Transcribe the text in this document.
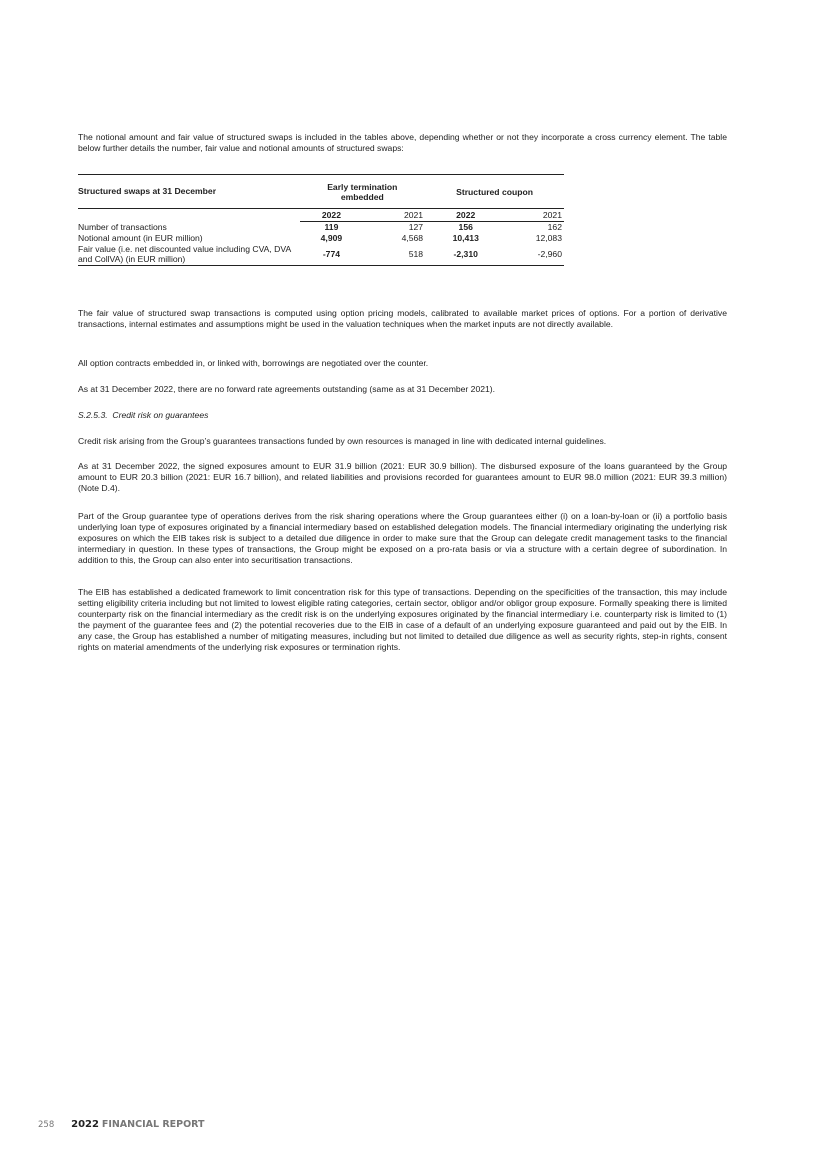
The notional amount and fair value of structured swaps is included in the tables above, depending whether or not they incorporate a cross currency element. The table below further details the number, fair value and notional amounts of structured swaps:

Structured swaps at 31 December	Early termination embedded		Structured coupon	
	2022	2021	2022	2021
Number of transactions	119	127	156	162
Notional amount (in EUR million)	4,909	4,568	10,413	12,083
Fair value (i.e. net discounted value including CVA, DVA and CollVA) (in EUR million)	-774	518	-2,310	-2,960

The fair value of structured swap transactions is computed using option pricing models, calibrated to available market prices of options. For a portion of derivative transactions, internal estimates and assumptions might be used in the valuation techniques when the market inputs are not directly available.

All option contracts embedded in, or linked with, borrowings are negotiated over the counter.

As at 31 December 2022, there are no forward rate agreements outstanding (same as at 31 December 2021).

S.2.5.3. Credit risk on guarantees

Credit risk arising from the Group’s guarantees transactions funded by own resources is managed in line with dedicated internal guidelines.

As at 31 December 2022, the signed exposures amount to EUR 31.9 billion (2021: EUR 30.9 billion). The disbursed exposure of the loans guaranteed by the Group amount to EUR 20.3 billion (2021: EUR 16.7 billion), and related liabilities and provisions recorded for guarantees amount to EUR 98.0 million (2021: EUR 39.3 million) (Note D.4).

Part of the Group guarantee type of operations derives from the risk sharing operations where the Group guarantees either (i) on a loan-by-loan or (ii) a portfolio basis underlying loan type of exposures originated by a financial intermediary based on established delegation models. The financial intermediary originating the underlying risk exposures on which the EIB takes risk is subject to a detailed due diligence in order to make sure that the Group can delegate credit management tasks to the financial intermediary in question. In these types of transactions, the Group might be exposed on a pro-rata basis or via a structure with a certain degree of subordination. In addition to this, the Group can also enter into securitisation transactions.

The EIB has established a dedicated framework to limit concentration risk for this type of transactions. Depending on the specificities of the transaction, this may include setting eligibility criteria including but not limited to lowest eligible rating categories, certain sector, obligor and/or obligor group exposure. Formally speaking there is limited counterparty risk on the financial intermediary as the credit risk is on the underlying exposures originated by the financial intermediary i.e. counterparty risk is limited to (1) the payment of the guarantee fees and (2) the potential recoveries due to the EIB in case of a default of an underlying exposure guaranteed and paid out by the EIB. In any case, the Group has established a number of mitigating measures, including but not limited to detailed due diligence as well as security rights, step-in rights, consent rights on material amendments of the underlying risk exposures or termination rights.

258 2022 FINANCIAL REPORT
